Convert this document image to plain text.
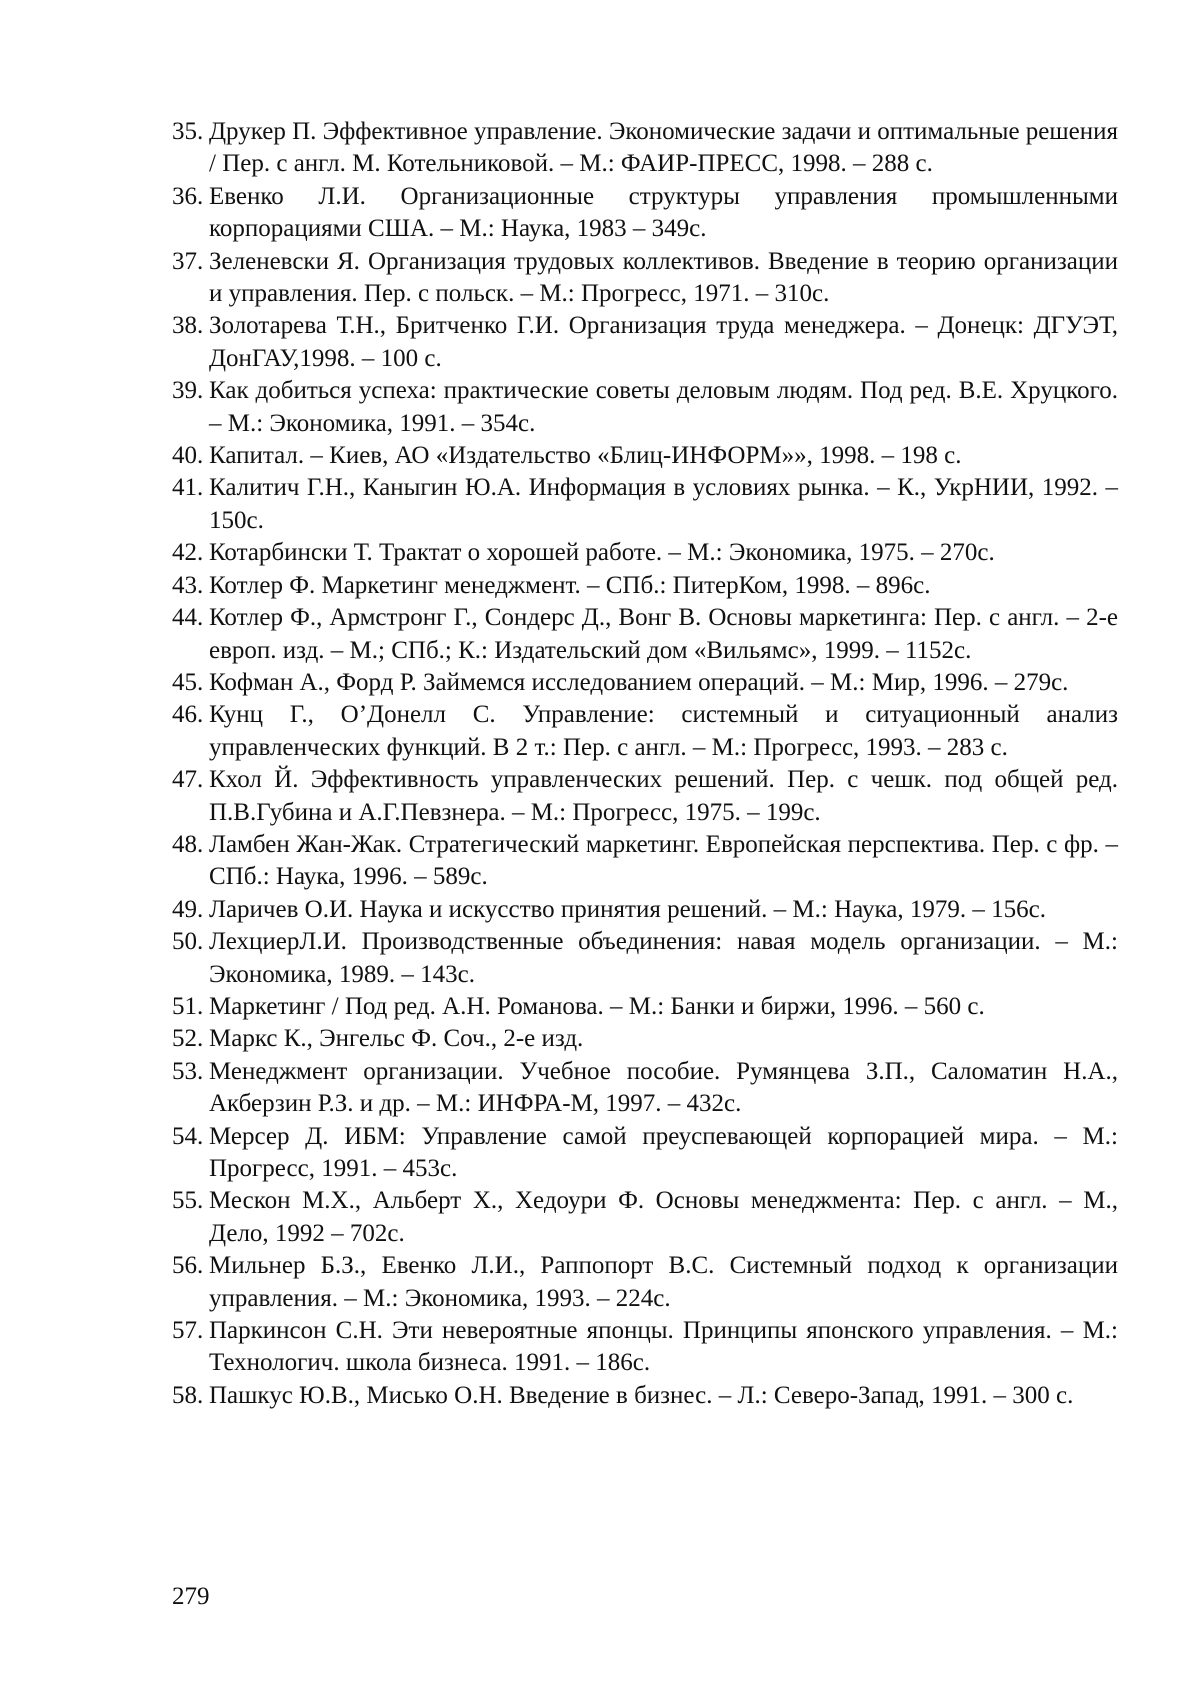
35. Друкер П. Эффективное управление. Экономические задачи и оптимальные решения / Пер. с англ. М. Котельниковой. – М.: ФАИР-ПРЕСС, 1998. – 288 с.
36. Евенко Л.И. Организационные структуры управления промышленными корпорациями США. – М.: Наука, 1983 – 349с.
37. Зеленевски Я. Организация трудовых коллективов. Введение в теорию организации и управления. Пер. с польск. – М.: Прогресс, 1971. – 310с.
38. Золотарева Т.Н., Бритченко Г.И. Организация труда менеджера. – Донецк: ДГУЭТ, ДонГАУ,1998. – 100 с.
39. Как добиться успеха: практические советы деловым людям. Под ред. В.Е. Хруцкого. – М.: Экономика, 1991. – 354с.
40. Капитал. – Киев, АО «Издательство «Блиц-ИНФОРМ»», 1998. – 198 с.
41. Калитич Г.Н., Каныгин Ю.А. Информация в условиях рынка. – К., УкрНИИ, 1992. – 150с.
42. Котарбински Т. Трактат о хорошей работе. – М.: Экономика, 1975. – 270с.
43. Котлер Ф. Маркетинг менеджмент. – СПб.: ПитерКом, 1998. – 896с.
44. Котлер Ф., Армстронг Г., Сондерс Д., Вонг В. Основы маркетинга: Пер. с англ. – 2-е европ. изд. – М.; СПб.; К.: Издательский дом «Вильямс», 1999. – 1152с.
45. Кофман А., Форд Р. Займемся исследованием операций. – М.: Мир, 1996. – 279с.
46. Кунц Г., О’Донелл С. Управление: системный и ситуационный анализ управленческих функций. В 2 т.: Пер. с англ. – М.: Прогресс, 1993. – 283 с.
47. Кхол Й. Эффективность управленческих решений. Пер. с чешк. под общей ред. П.В.Губина и А.Г.Певзнера. – М.: Прогресс, 1975. – 199с.
48. Ламбен Жан-Жак. Стратегический маркетинг. Европейская перспектива. Пер. с фр. – СПб.: Наука, 1996. – 589с.
49. Ларичев О.И. Наука и искусство принятия решений. – М.: Наука, 1979. – 156с.
50. ЛехциерЛ.И. Производственные объединения: навая модель организации. – М.: Экономика, 1989. – 143с.
51. Маркетинг / Под ред. А.Н. Романова. – М.: Банки и биржи, 1996. – 560 с.
52. Маркс К., Энгельс Ф. Соч., 2-е изд.
53. Менеджмент организации. Учебное пособие. Румянцева З.П., Саломатин Н.А., Акберзин Р.З. и др. – М.: ИНФРА-М, 1997. – 432с.
54. Мерсер Д. ИБМ: Управление самой преуспевающей корпорацией мира. – М.: Прогресс, 1991. – 453с.
55. Мескон М.Х., Альберт Х., Хедоури Ф. Основы менеджмента: Пер. с англ. – М., Дело, 1992 – 702с.
56. Мильнер Б.З., Евенко Л.И., Раппопорт В.С. Системный подход к организации управления. – М.: Экономика, 1993. – 224с.
57. Паркинсон С.Н. Эти невероятные японцы. Принципы японского управления. – М.: Технологич. школа бизнеса. 1991. – 186с.
58. Пашкус Ю.В., Мисько О.Н. Введение в бизнес. – Л.: Северо-Запад, 1991. – 300 с.
279
